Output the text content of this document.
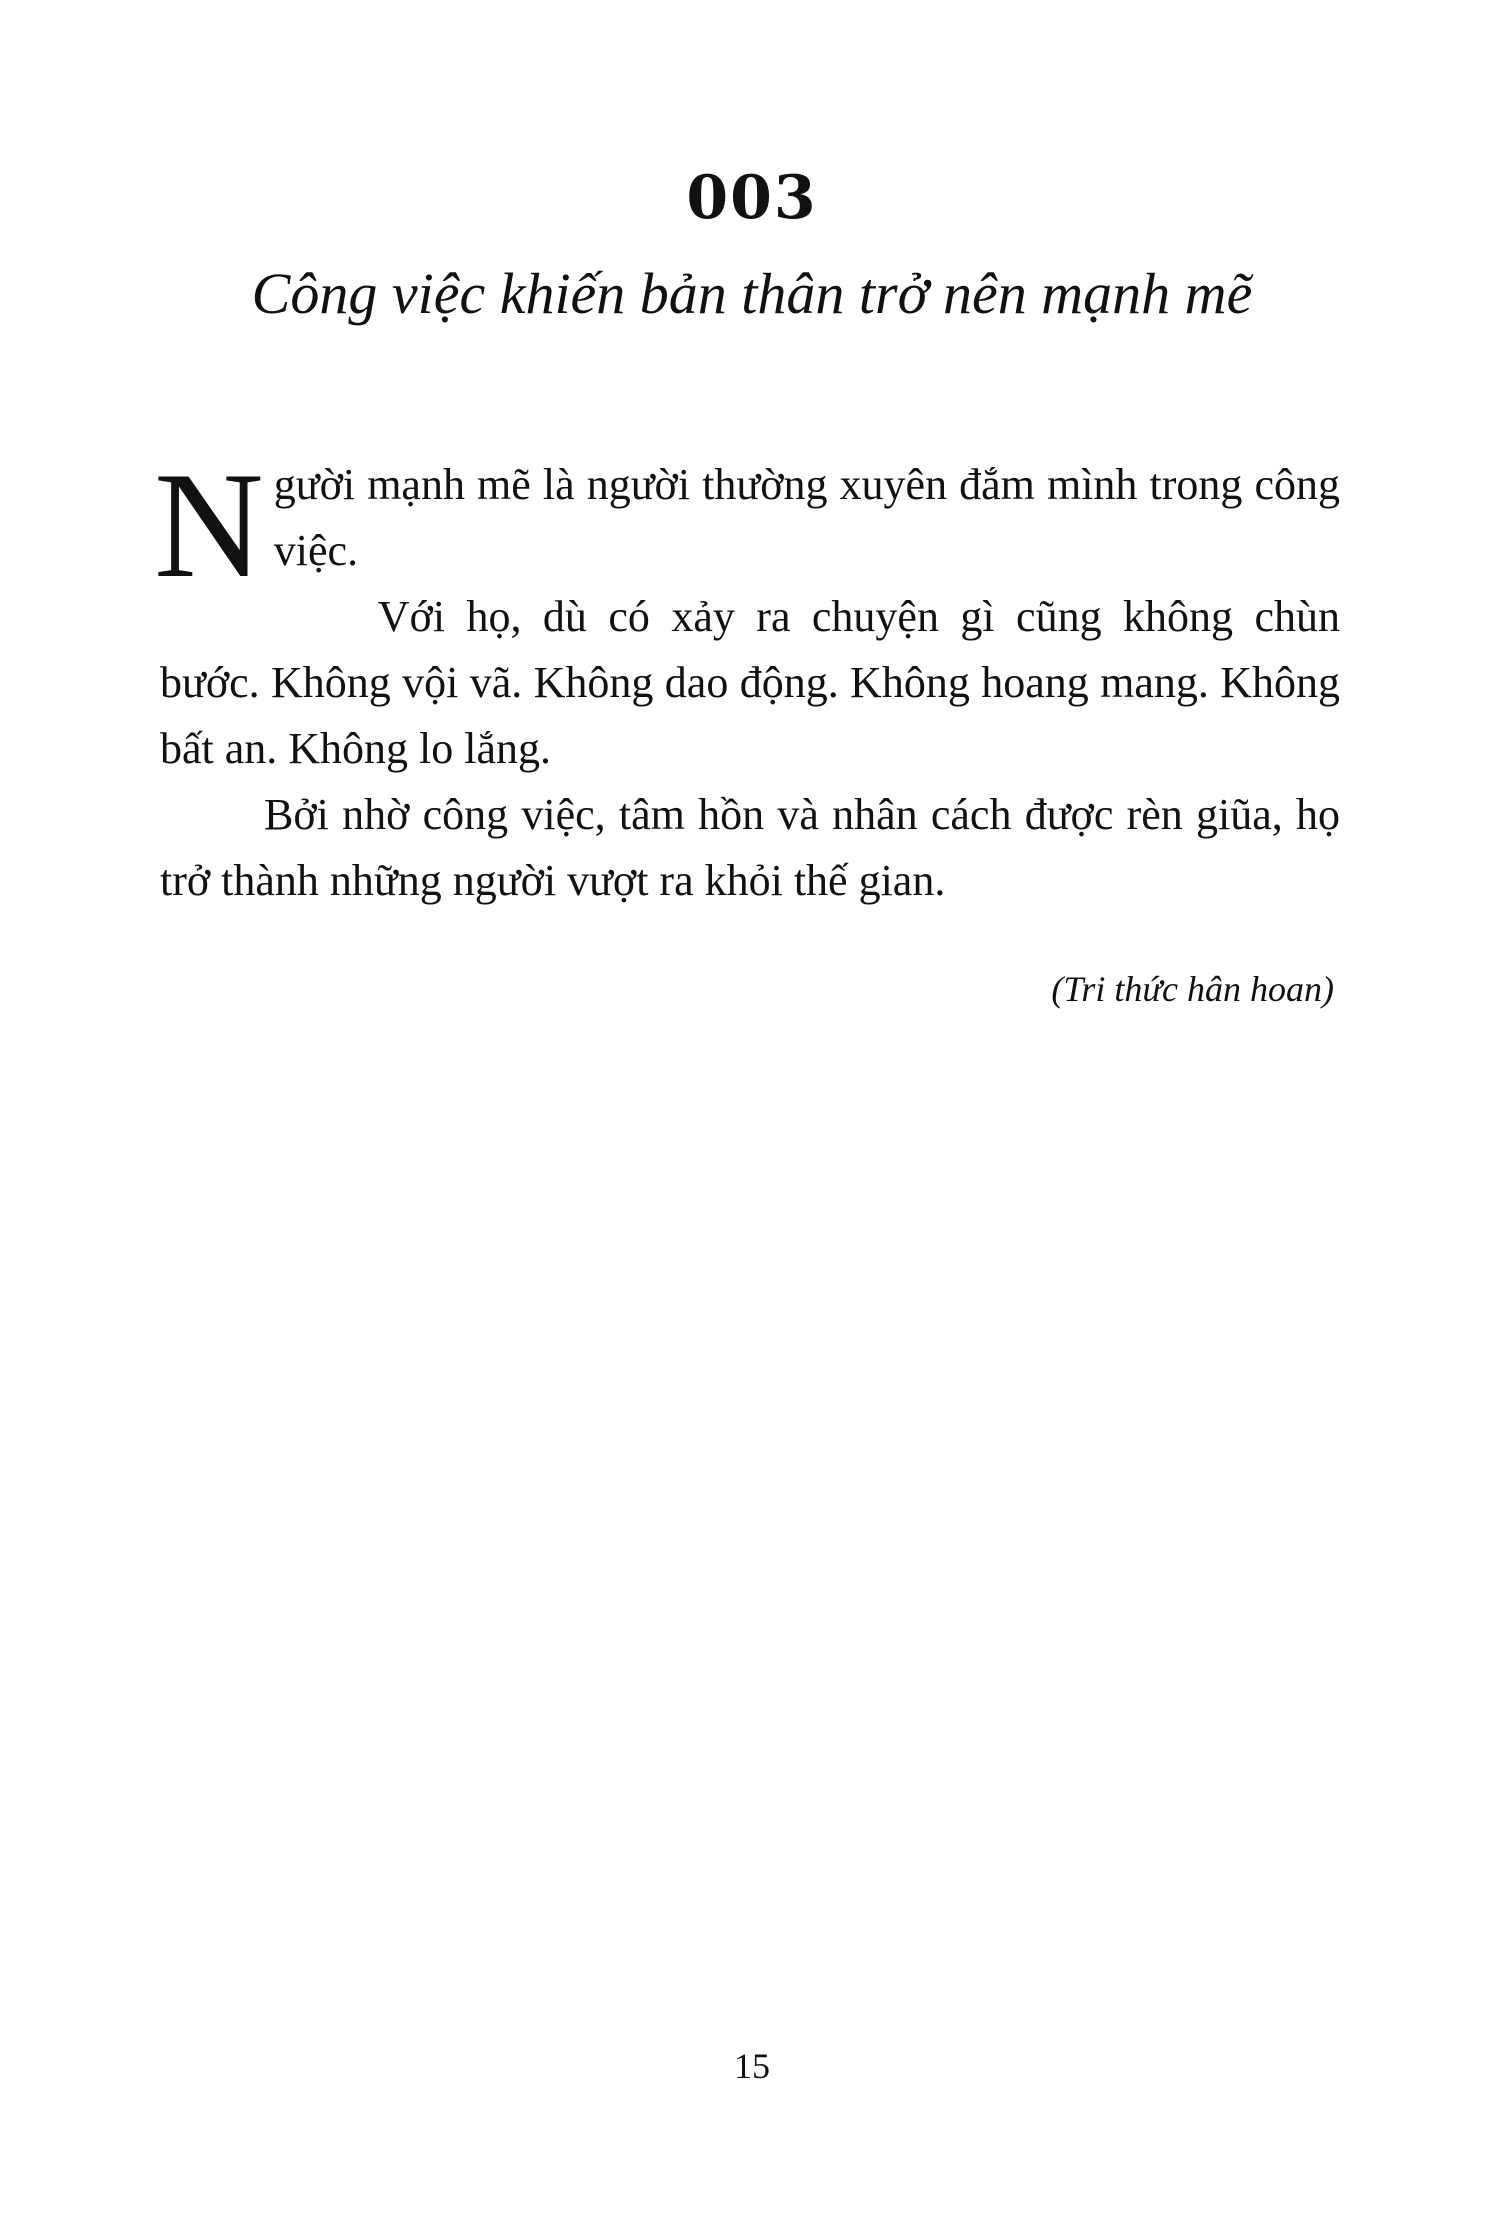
003
Công việc khiến bản thân trở nên mạnh mẽ

Người mạnh mẽ là người thường xuyên đắm mình trong công việc.

Với họ, dù có xảy ra chuyện gì cũng không chùn bước. Không vội vã. Không dao động. Không hoang mang. Không bất an. Không lo lắng.

Bởi nhờ công việc, tâm hồn và nhân cách được rèn giũa, họ trở thành những người vượt ra khỏi thế gian.

(Tri thức hân hoan)
15
